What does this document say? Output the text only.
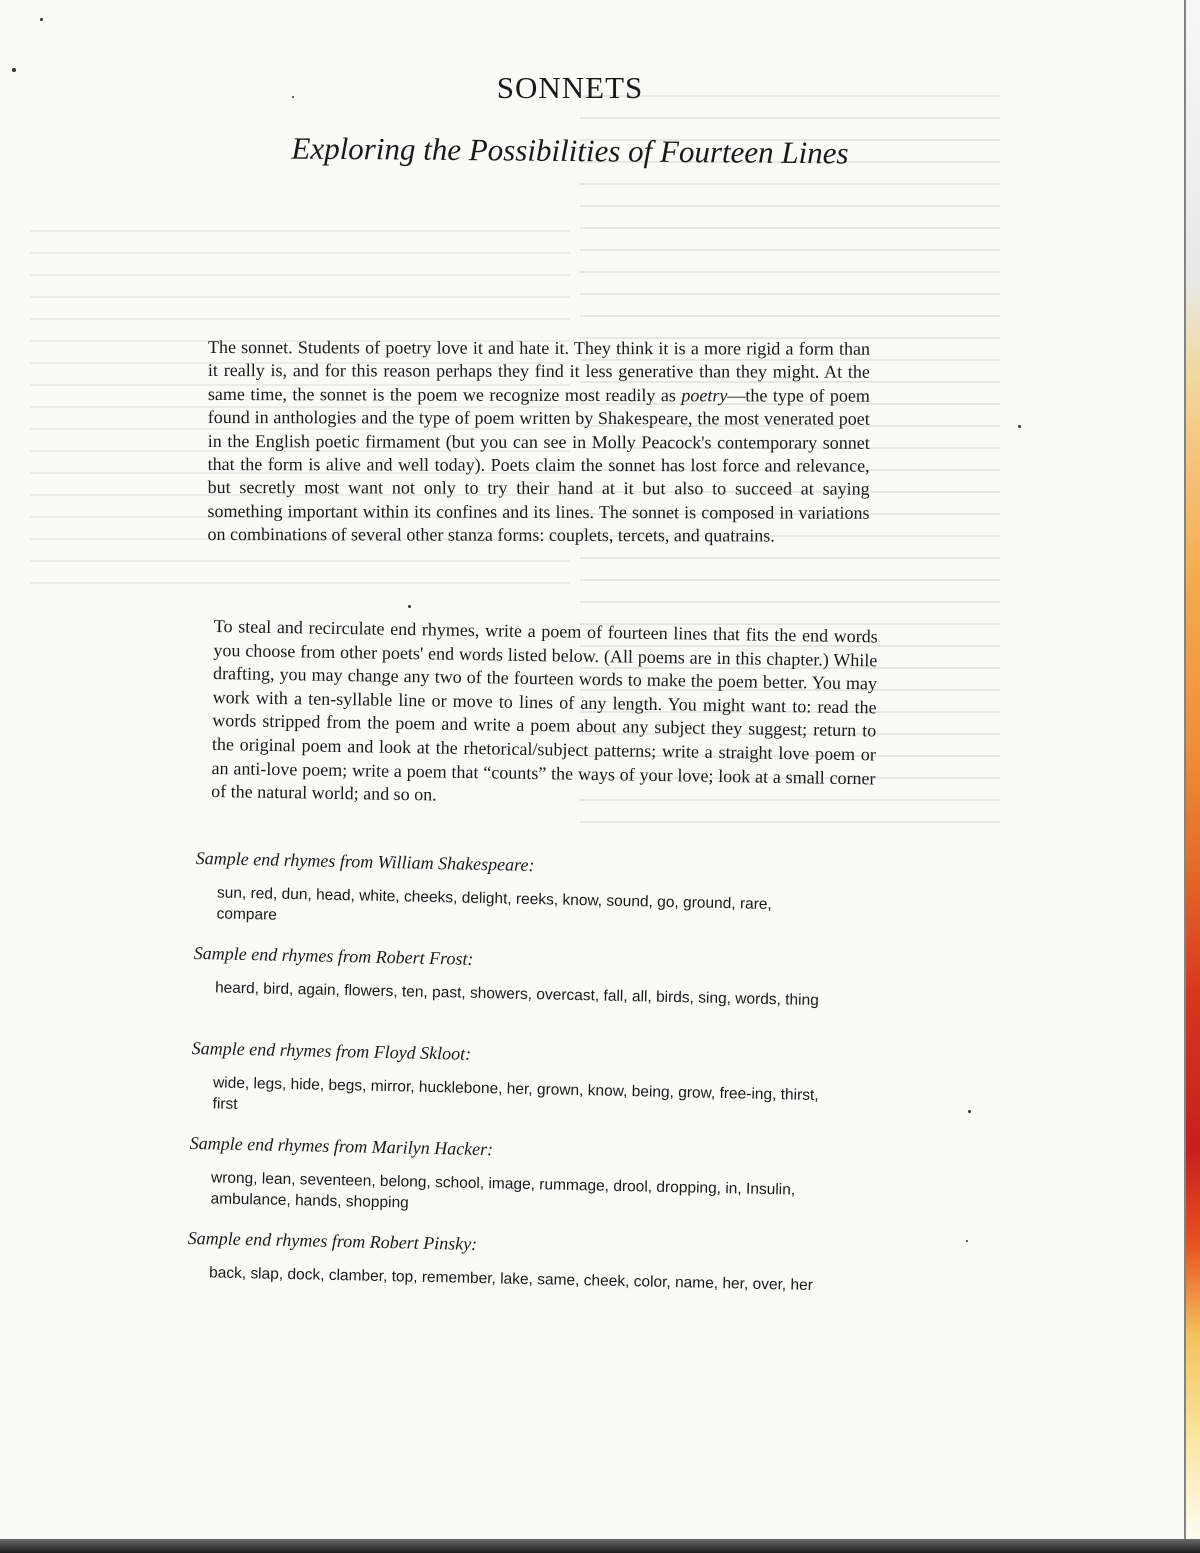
SONNETS
Exploring the Possibilities of Fourteen Lines

The sonnet. Students of poetry love it and hate it. They think it is a more rigid a form than it really is, and for this reason perhaps they find it less generative than they might. At the same time, the sonnet is the poem we recognize most readily as poetry—the type of poem found in anthologies and the type of poem written by Shakespeare, the most venerated poet in the English poetic firmament (but you can see in Molly Peacock's contemporary sonnet that the form is alive and well today). Poets claim the sonnet has lost force and relevance, but secretly most want not only to try their hand at it but also to succeed at saying something important within its confines and its lines. The sonnet is composed in variations on combinations of several other stanza forms: couplets, tercets, and quatrains.

To steal and recirculate end rhymes, write a poem of fourteen lines that fits the end words you choose from other poets' end words listed below. (All poems are in this chapter.) While drafting, you may change any two of the fourteen words to make the poem better. You may work with a ten-syllable line or move to lines of any length. You might want to: read the words stripped from the poem and write a poem about any subject they suggest; return to the original poem and look at the rhetorical/subject patterns; write a straight love poem or an anti-love poem; write a poem that “counts” the ways of your love; look at a small corner of the natural world; and so on.

Sample end rhymes from William Shakespeare:
sun, red, dun, head, white, cheeks, delight, reeks, know, sound, go, ground, rare, compare
Sample end rhymes from Robert Frost:
heard, bird, again, flowers, ten, past, showers, overcast, fall, all, birds, sing, words, thing
Sample end rhymes from Floyd Skloot:
wide, legs, hide, begs, mirror, hucklebone, her, grown, know, being, grow, free-ing, thirst, first
Sample end rhymes from Marilyn Hacker:
wrong, lean, seventeen, belong, school, image, rummage, drool, dropping, in, Insulin, ambulance, hands, shopping
Sample end rhymes from Robert Pinsky:
back, slap, dock, clamber, top, remember, lake, same, cheek, color, name, her, over, her
